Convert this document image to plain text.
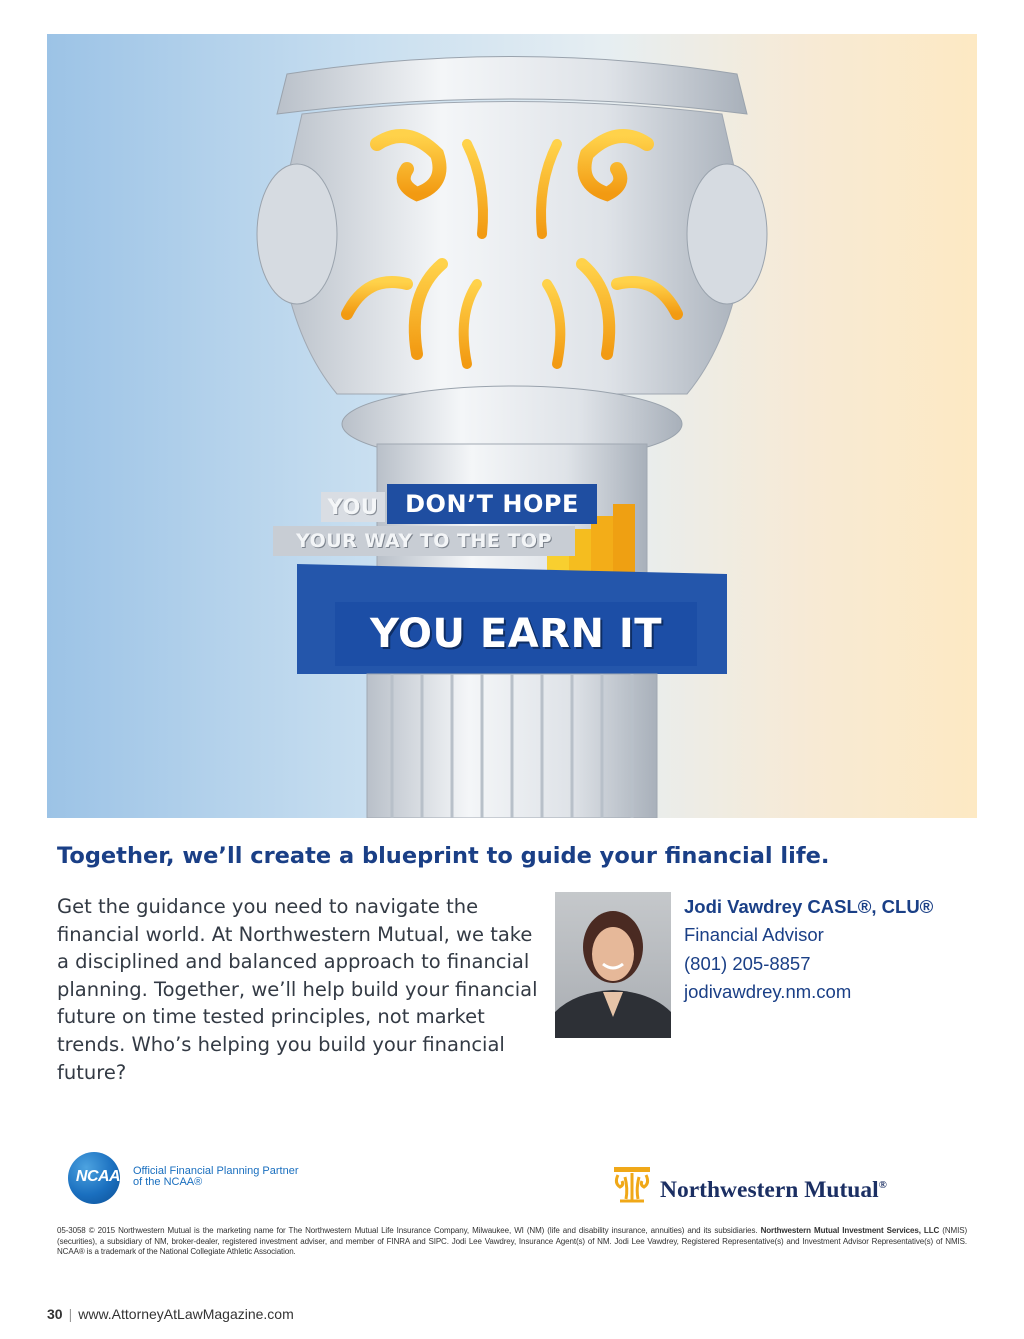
YOU	DON’T HOPE
YOUR WAY TO THE TOP
YOU EARN IT
Together, we’ll create a blueprint to guide your financial life.
Get the guidance you need to navigate the financial world. At Northwestern Mutual, we take a disciplined and balanced approach to financial planning. Together, we’ll help build your financial future on time tested principles, not market trends. Who’s helping you build your financial future?
Jodi Vawdrey CASL®, CLU®
Financial Advisor
(801) 205-8857
jodivawdrey.nm.com
NCAA	Official Financial Planning Partner
of the NCAA®	Northwestern Mutual®
05-3058 © 2015 Northwestern Mutual is the marketing name for The Northwestern Mutual Life Insurance Company, Milwaukee, WI (NM) (life and disability insurance, annuities) and its subsidiaries. Northwestern Mutual Investment Services, LLC (NMIS) (securities), a subsidiary of NM, broker-dealer, registered investment adviser, and member of FINRA and SIPC. Jodi Lee Vawdrey, Insurance Agent(s) of NM. Jodi Lee Vawdrey, Registered Representative(s) and Investment Advisor Representative(s) of NMIS. NCAA® is a trademark of the National Collegiate Athletic Association.
30 | www.AttorneyAtLawMagazine.com
